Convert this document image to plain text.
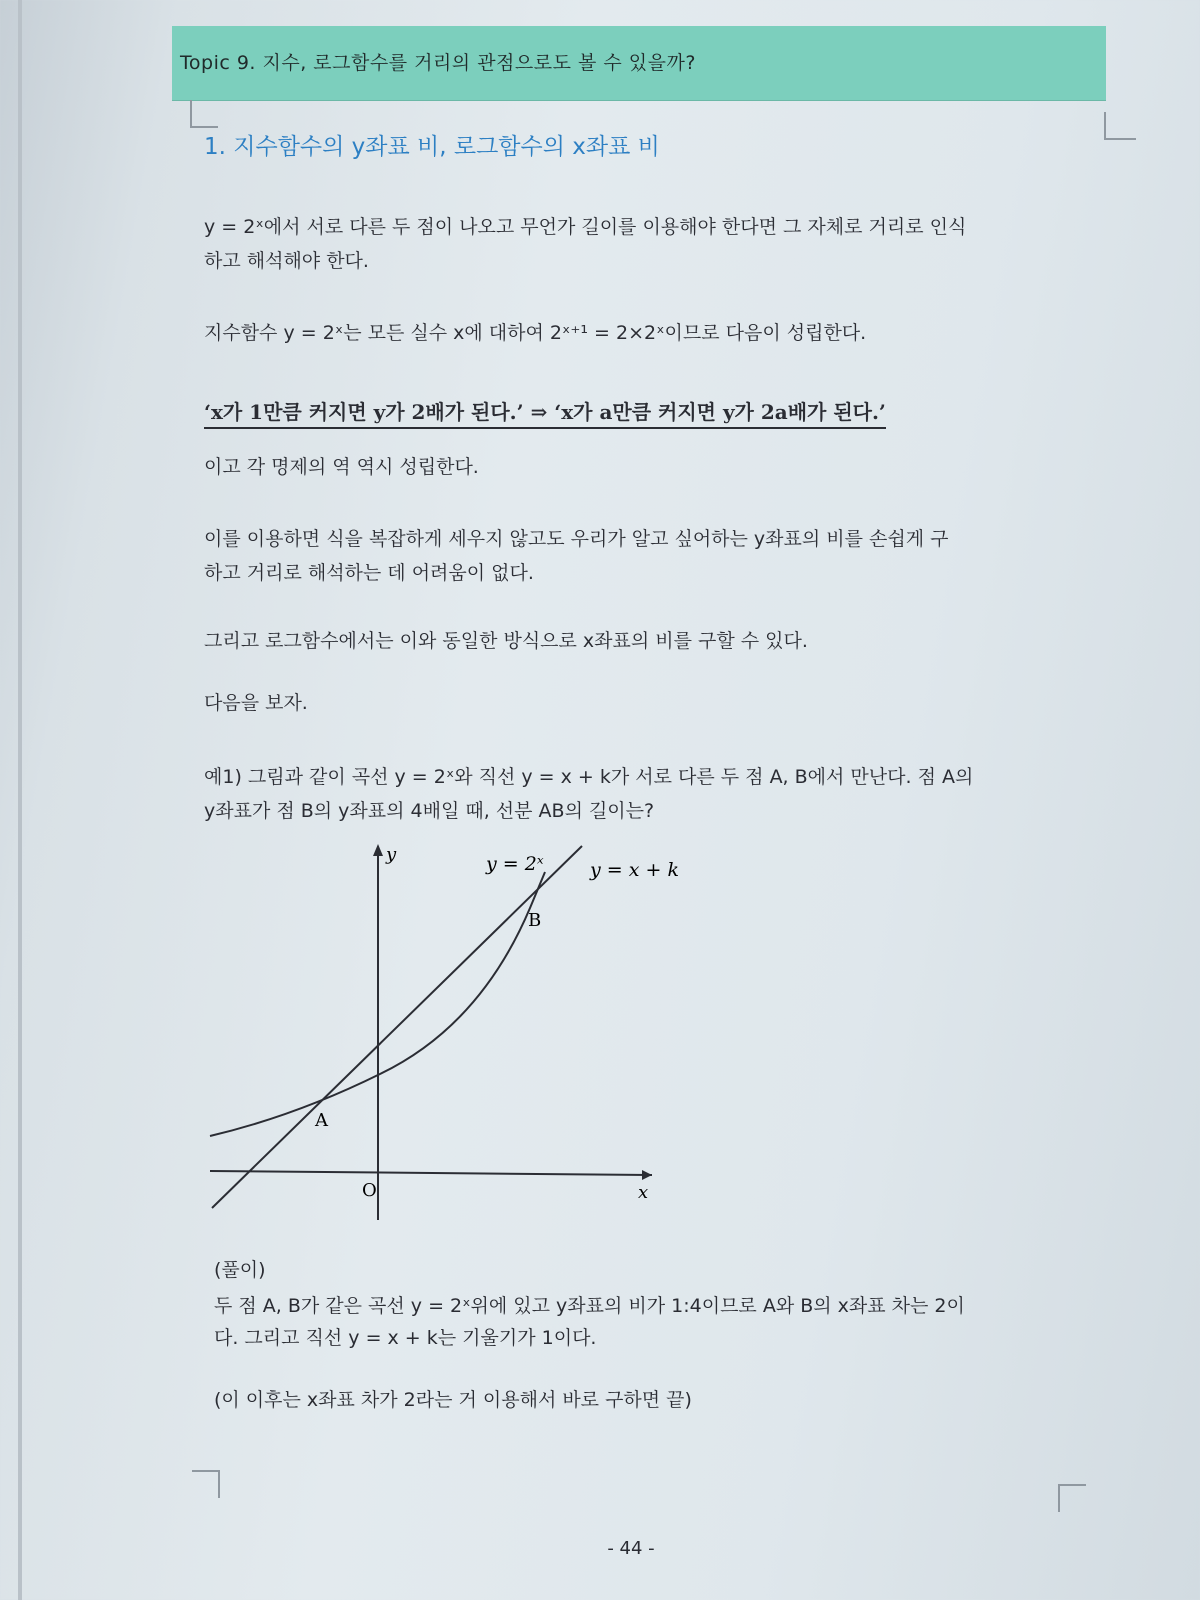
Topic 9. 지수, 로그함수를 거리의 관점으로도 볼 수 있을까?
1. 지수함수의 y좌표 비, 로그함수의 x좌표 비
y = 2ˣ에서 서로 다른 두 점이 나오고 무언가 길이를 이용해야 한다면 그 자체로 거리로 인식
하고 해석해야 한다.
지수함수 y = 2ˣ는 모든 실수 x에 대하여 2ˣ⁺¹ = 2×2ˣ이므로 다음이 성립한다.
‘x가 1만큼 커지면 y가 2배가 된다.’ ⇒ ‘x가 a만큼 커지면 y가 2a배가 된다.’
이고 각 명제의 역 역시 성립한다.
이를 이용하면 식을 복잡하게 세우지 않고도 우리가 알고 싶어하는 y좌표의 비를 손쉽게 구
하고 거리로 해석하는 데 어려움이 없다.
그리고 로그함수에서는 이와 동일한 방식으로 x좌표의 비를 구할 수 있다.
다음을 보자.
예1) 그림과 같이 곡선 y = 2ˣ와 직선 y = x + k가 서로 다른 두 점 A, B에서 만난다. 점 A의
y좌표가 점 B의 y좌표의 4배일 때, 선분 AB의 길이는?
y
x
O
y = 2ˣ y = x + k
A
B
(풀이)
두 점 A, B가 같은 곡선 y = 2ˣ위에 있고 y좌표의 비가 1:4이므로 A와 B의 x좌표 차는 2이
다. 그리고 직선 y = x + k는 기울기가 1이다.
(이 이후는 x좌표 차가 2라는 거 이용해서 바로 구하면 끝)
- 44 -
